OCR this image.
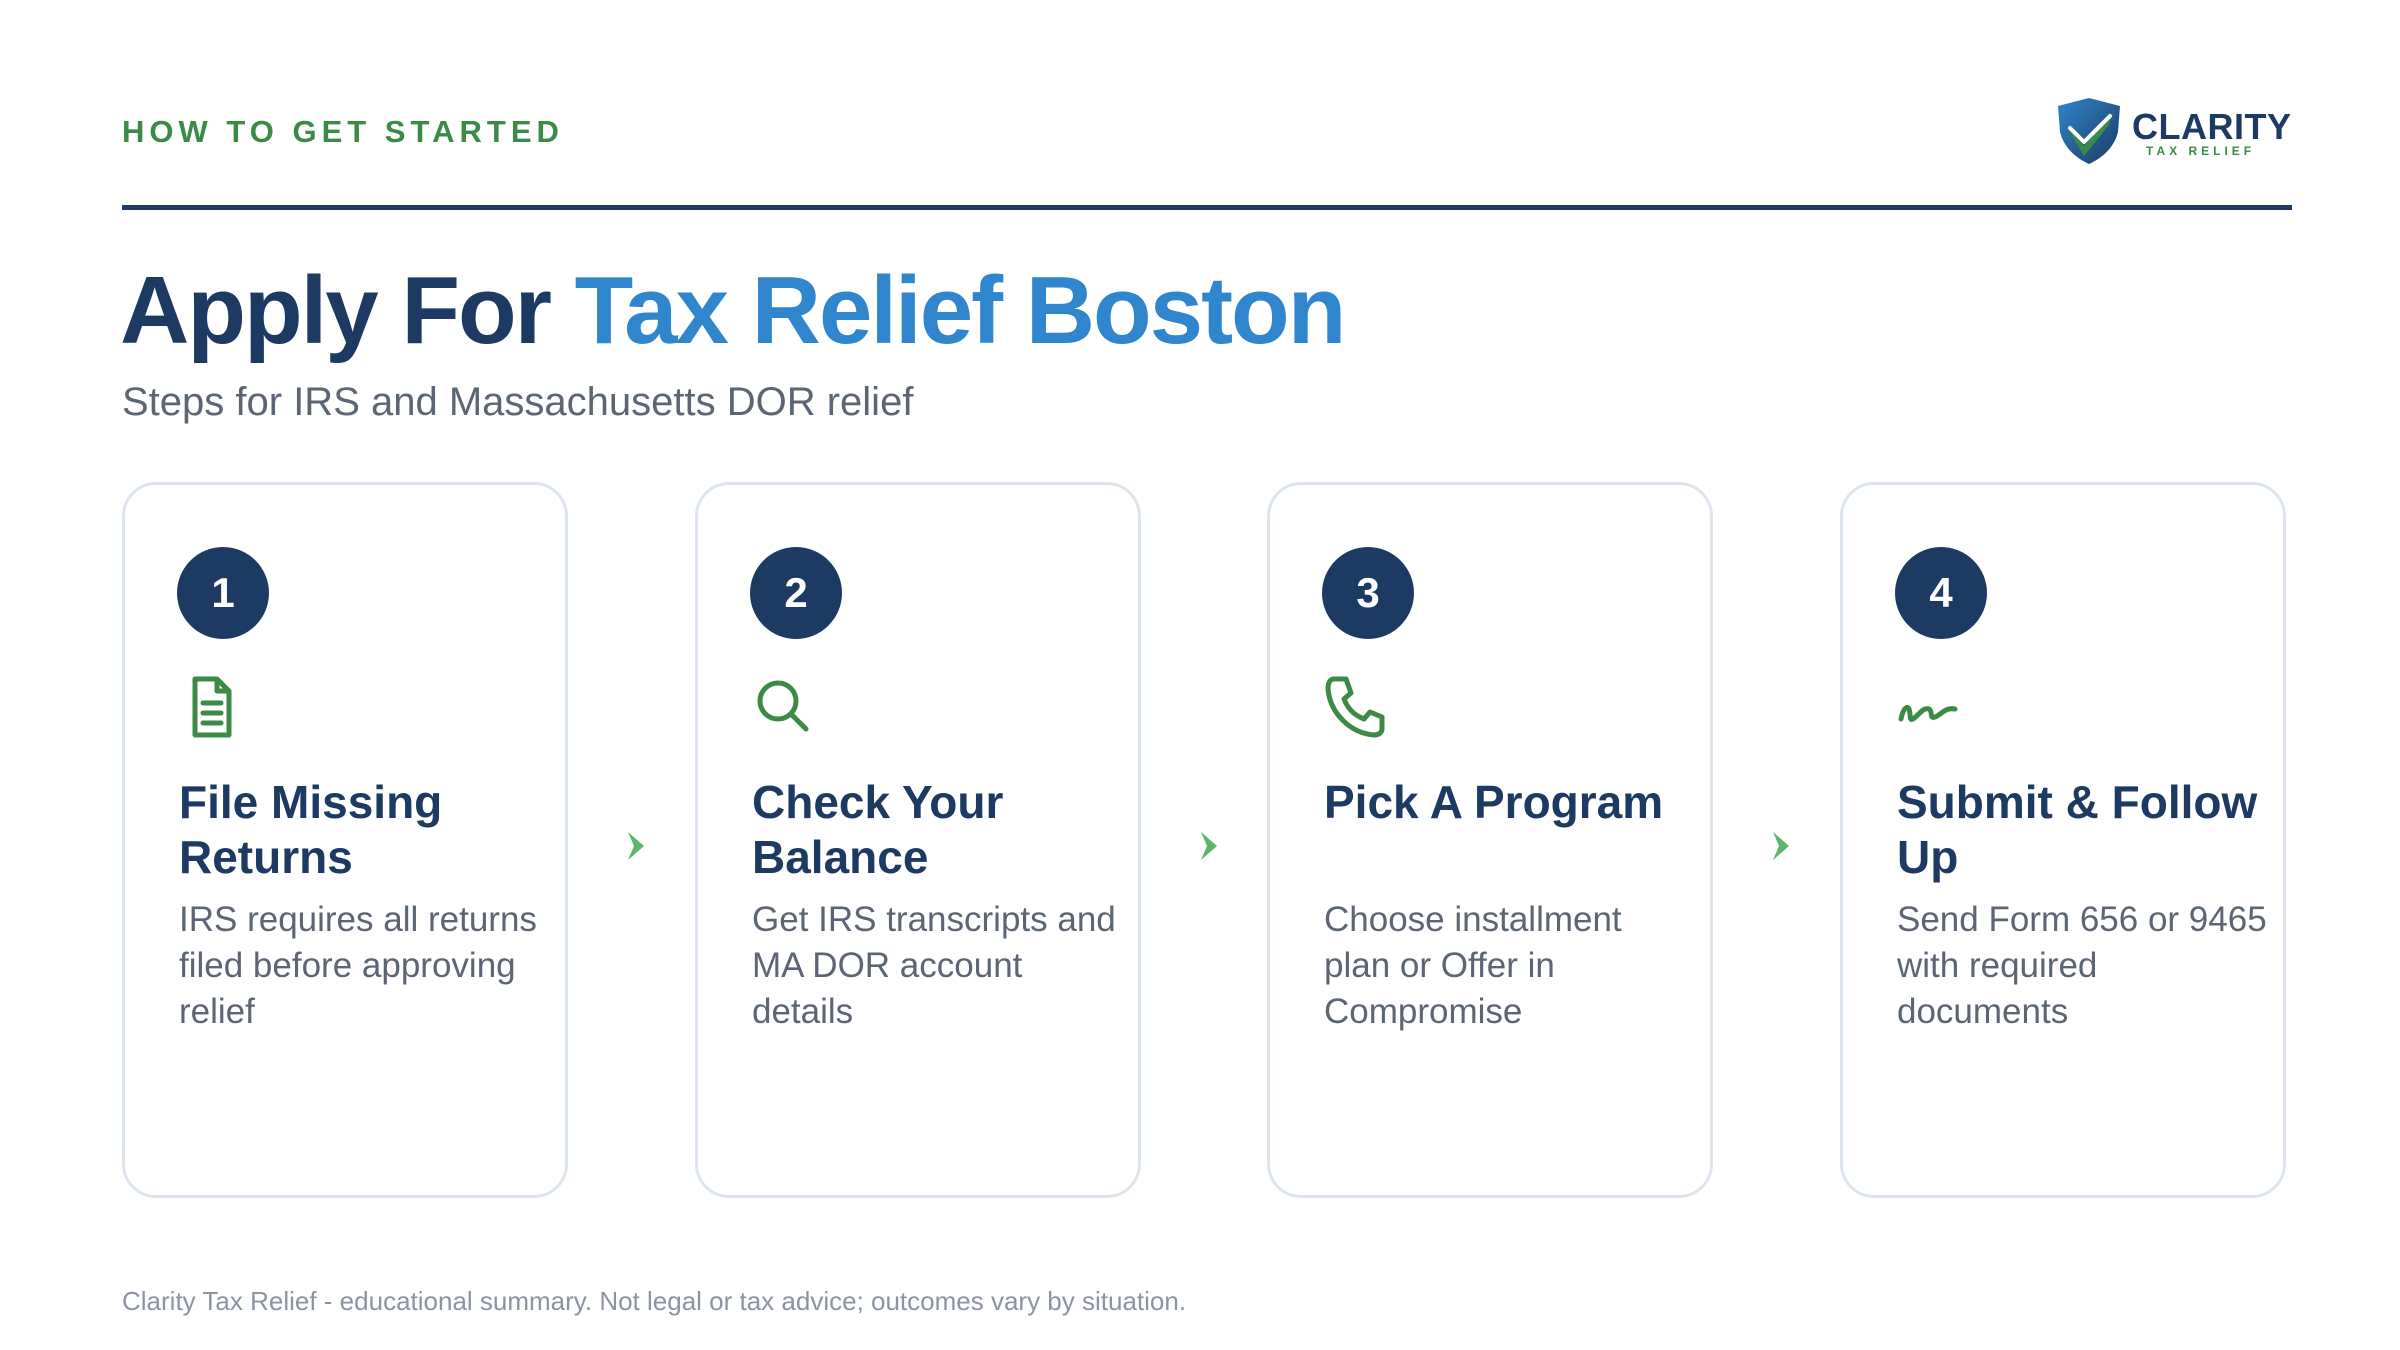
HOW TO GET STARTED	CLARITY
TAX RELIEF
Apply For Tax Relief Boston
Steps for IRS and Massachusetts DOR relief
1
File Missing Returns
IRS requires all returns filed before approving relief
2
Check Your Balance
Get IRS transcripts and MA DOR account details
3
Pick A Program
Choose installment plan or Offer in Compromise
4
Submit & Follow Up
Send Form 656 or 9465 with required documents
Clarity Tax Relief - educational summary. Not legal or tax advice; outcomes vary by situation.
